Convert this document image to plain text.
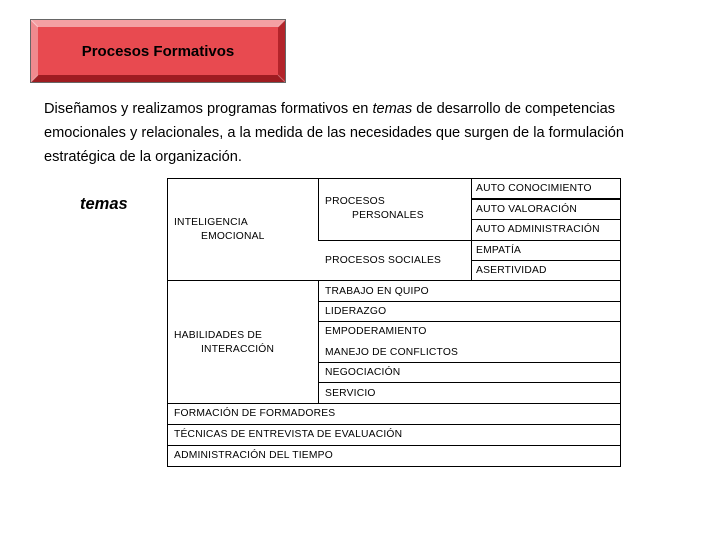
Procesos Formativos

Diseñamos y realizamos programas formativos en temas de desarrollo de competencias

emocionales y relacionales, a la medida de las necesidades que surgen de la formulación

estratégica de la organización.

temas
INTELIGENCIA
EMOCIONAL
PROCESOS
PERSONALES
PROCESOS SOCIALES
AUTO CONOCIMIENTO
AUTO VALORACIÓN
AUTO ADMINISTRACIÓN
EMPATÍA
ASERTIVIDAD
HABILIDADES DE
INTERACCIÓN
TRABAJO EN QUIPO
LIDERAZGO
EMPODERAMIENTO
MANEJO DE CONFLICTOS
NEGOCIACIÓN
SERVICIO
FORMACIÓN DE FORMADORES
TÉCNICAS DE ENTREVISTA DE EVALUACIÓN
ADMINISTRACIÓN DEL TIEMPO
